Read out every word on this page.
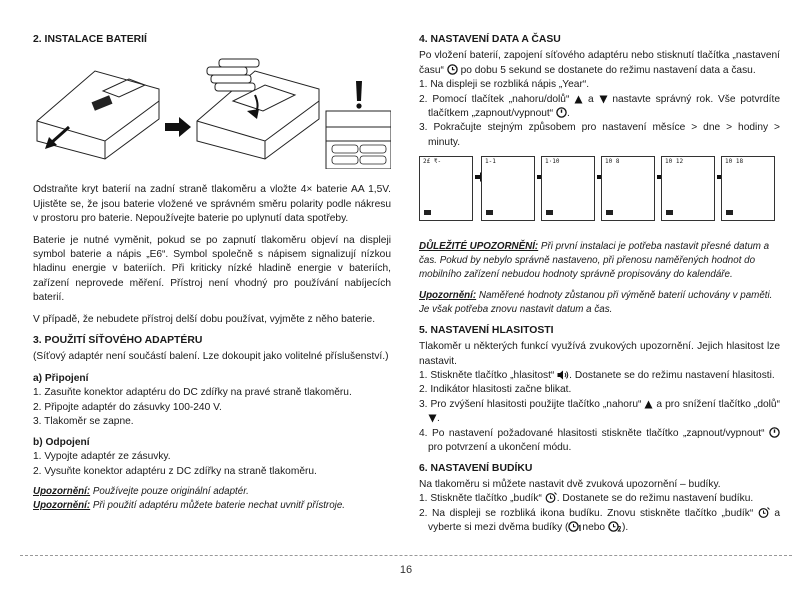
2. INSTALACE BATERIÍ

Odstraňte kryt baterií na zadní straně tlakoměru a vložte 4× baterie AA 1,5V. Ujistěte se, že jsou baterie vložené ve správném směru polarity podle nákresu v prostoru pro baterie. Nepoužívejte baterie po uplynutí data spotřeby.

Baterie je nutné vyměnit, pokud se po zapnutí tlakoměru objeví na displeji symbol baterie a nápis „E6“. Symbol společně s nápisem signalizují nízkou hladinu energie v bateriích. Při kriticky nízké hladině energie v bateriích, zařízení neprovede měření. Přístroj není vhodný pro používání nabíjecích baterií.

V případě, že nebudete přístroj delší dobu používat, vyjměte z něho baterie.

3. POUŽITÍ SÍŤOVÉHO ADAPTÉRU

(Síťový adaptér není součástí balení. Lze dokoupit jako volitelné příslušenství.)

a) Připojení
1. Zasuňte konektor adaptéru do DC zdířky na pravé straně tlakoměru.
2. Připojte adaptér do zásuvky 100-240 V.
3. Tlakoměr se zapne.
b) Odpojení
1. Vypojte adaptér ze zásuvky.
2. Vysuňte konektor adaptéru z DC zdířky na straně tlakoměru.

Upozornění: Používejte pouze originální adaptér.

Upozornění: Při použití adaptéru můžete baterie nechat uvnitř přístroje.

4. NASTAVENÍ DATA A ČASU

Po vložení baterií, zapojení síťového adaptéru nebo stisknutí tlačítka „nastavení času“  po dobu 5 sekund se dostanete do režimu nastavení data a času.

1. Na displeji se rozbliká nápis „Year“.
2. Pomocí tlačítek „nahoru/dolů“  a  nastavte správný rok. Vše potvrdíte tlačítkem „zapnout/vypnout“ .
3. Pokračujte stejným způsobem pro nastavení měsíce > dne > hodiny > minuty.
2£ ₹-	1-1	1·10	10 8	10 12	10 18

DŮLEŽITÉ UPOZORNĚNÍ: Při první instalaci je potřeba nastavit přesné datum a čas. Pokud by nebylo správně nastaveno, při přenosu naměřených hodnot do mobilního zařízení nebudou hodnoty správně propisovány do kalendáře.

Upozornění: Naměřené hodnoty zůstanou při výměně baterií uchovány v paměti. Je však potřeba znovu nastavit datum a čas.

5. NASTAVENÍ HLASITOSTI

Tlakoměr u některých funkcí využívá zvukových upozornění. Jejich hlasitost lze nastavit.

1. Stiskněte tlačítko „hlasitost“ . Dostanete se do režimu nastavení hlasitosti.
2. Indikátor hlasitosti začne blikat.
3. Pro zvýšení hlasitosti použijte tlačítko „nahoru“  a pro snížení tlačítko „dolů“ .
4. Po nastavení požadované hlasitosti stiskněte tlačítko „zapnout/vypnout“  pro potvrzení a ukončení módu.
6. NASTAVENÍ BUDÍKU

Na tlakoměru si můžete nastavit dvě zvuková upozornění – budíky.

1. Stiskněte tlačítko „budík“ . Dostanete se do režimu nastavení budíku.
2. Na displeji se rozbliká ikona budíku. Znovu stiskněte tlačítko „budík“  a vyberte si mezi dvěma budíky ( nebo ).
16
